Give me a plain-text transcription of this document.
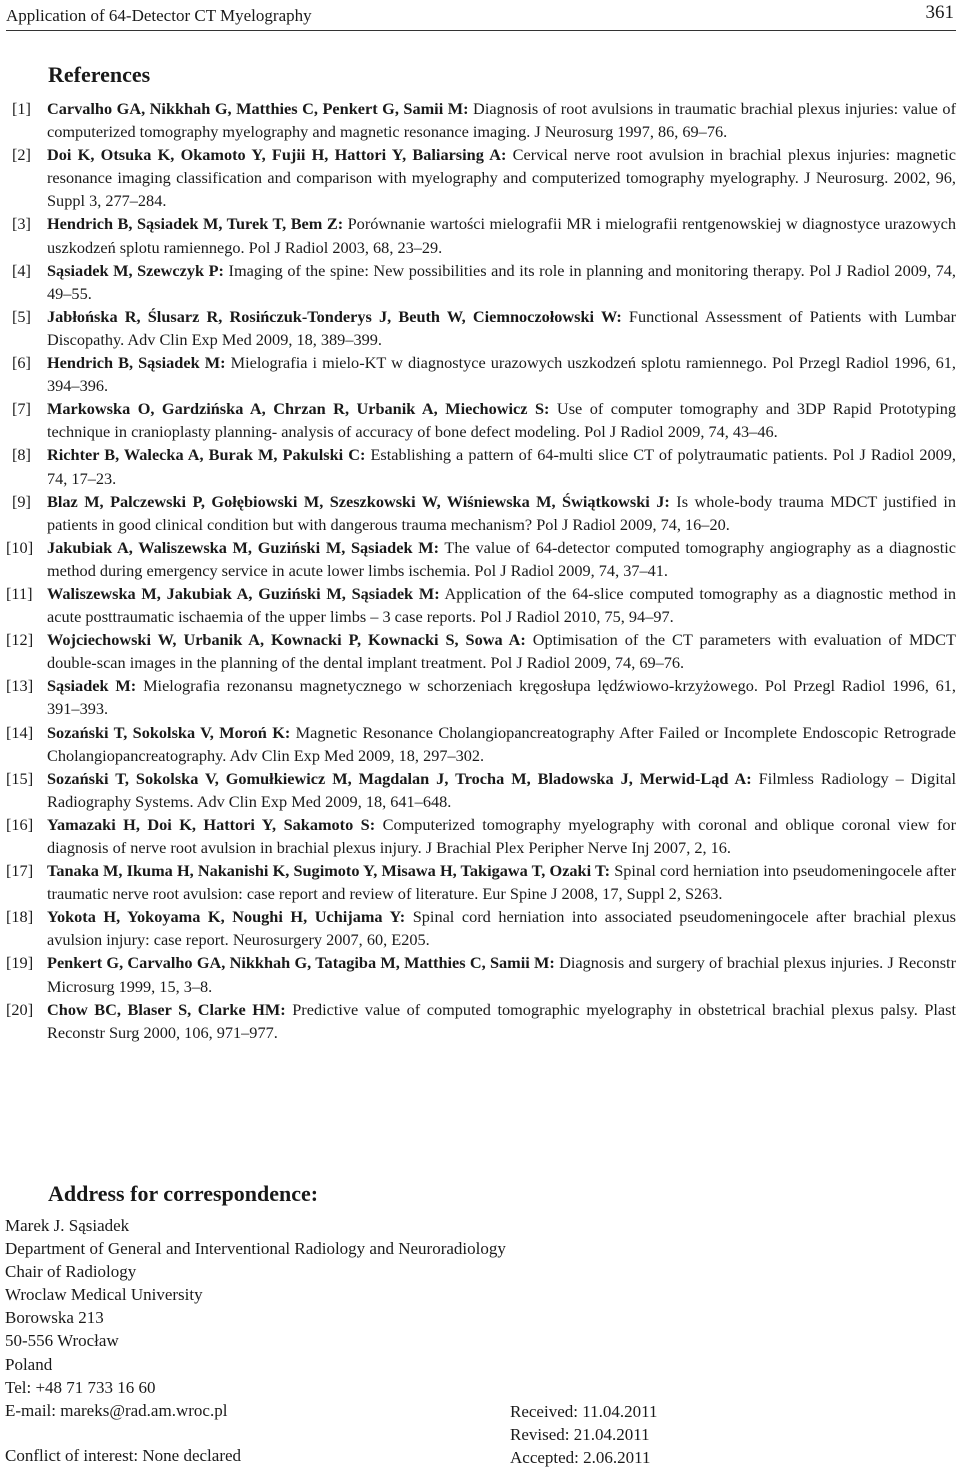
Application of 64-Detector CT Myelography	361
References
[1] Carvalho GA, Nikkhah G, Matthies C, Penkert G, Samii M: Diagnosis of root avulsions in traumatic brachial plexus injuries: value of computerized tomography myelography and magnetic resonance imaging. J Neurosurg 1997, 86, 69–76.
[2] Doi K, Otsuka K, Okamoto Y, Fujii H, Hattori Y, Baliarsing A: Cervical nerve root avulsion in brachial plexus injuries: magnetic resonance imaging classification and comparison with myelography and computerized tomography myelography. J Neurosurg. 2002, 96, Suppl 3, 277–284.
[3] Hendrich B, Sąsiadek M, Turek T, Bem Z: Porównanie wartości mielografii MR i mielografii rentgenowskiej w diagnostyce urazowych uszkodzeń splotu ramiennego. Pol J Radiol 2003, 68, 23–29.
[4] Sąsiadek M, Szewczyk P: Imaging of the spine: New possibilities and its role in planning and monitoring therapy. Pol J Radiol 2009, 74, 49–55.
[5] Jabłońska R, Ślusarz R, Rosińczuk-Tonderys J, Beuth W, Ciemnoczołowski W: Functional Assessment of Patients with Lumbar Discopathy. Adv Clin Exp Med 2009, 18, 389–399.
[6] Hendrich B, Sąsiadek M: Mielografia i mielo-KT w diagnostyce urazowych uszkodzeń splotu ramiennego. Pol Przegl Radiol 1996, 61, 394–396.
[7] Markowska O, Gardzińska A, Chrzan R, Urbanik A, Miechowicz S: Use of computer tomography and 3DP Rapid Prototyping technique in cranioplasty planning- analysis of accuracy of bone defect modeling. Pol J Radiol 2009, 74, 43–46.
[8] Richter B, Walecka A, Burak M, Pakulski C: Establishing a pattern of 64-multi slice CT of polytraumatic patients. Pol J Radiol 2009, 74, 17–23.
[9] Blaz M, Palczewski P, Gołębiowski M, Szeszkowski W, Wiśniewska M, Świątkowski J: Is whole-body trauma MDCT justified in patients in good clinical condition but with dangerous trauma mechanism? Pol J Radiol 2009, 74, 16–20.
[10] Jakubiak A, Waliszewska M, Guziński M, Sąsiadek M: The value of 64-detector computed tomography angiography as a diagnostic method during emergency service in acute lower limbs ischemia. Pol J Radiol 2009, 74, 37–41.
[11] Waliszewska M, Jakubiak A, Guziński M, Sąsiadek M: Application of the 64-slice computed tomography as a diagnostic method in acute posttraumatic ischaemia of the upper limbs – 3 case reports. Pol J Radiol 2010, 75, 94–97.
[12] Wojciechowski W, Urbanik A, Kownacki P, Kownacki S, Sowa A: Optimisation of the CT parameters with evaluation of MDCT double-scan images in the planning of the dental implant treatment. Pol J Radiol 2009, 74, 69–76.
[13] Sąsiadek M: Mielografia rezonansu magnetycznego w schorzeniach kręgosłupa lędźwiowo-krzyżowego. Pol Przegl Radiol 1996, 61, 391–393.
[14] Sozański T, Sokolska V, Moroń K: Magnetic Resonance Cholangiopancreatography After Failed or Incomplete Endoscopic Retrograde Cholangiopancreatography. Adv Clin Exp Med 2009, 18, 297–302.
[15] Sozański T, Sokolska V, Gomułkiewicz M, Magdalan J, Trocha M, Bladowska J, Merwid-Ląd A: Filmless Radiology – Digital Radiography Systems. Adv Clin Exp Med 2009, 18, 641–648.
[16] Yamazaki H, Doi K, Hattori Y, Sakamoto S: Computerized tomography myelography with coronal and oblique coronal view for diagnosis of nerve root avulsion in brachial plexus injury. J Brachial Plex Peripher Nerve Inj 2007, 2, 16.
[17] Tanaka M, Ikuma H, Nakanishi K, Sugimoto Y, Misawa H, Takigawa T, Ozaki T: Spinal cord herniation into pseudomeningocele after traumatic nerve root avulsion: case report and review of literature. Eur Spine J 2008, 17, Suppl 2, S263.
[18] Yokota H, Yokoyama K, Noughi H, Uchijama Y: Spinal cord herniation into associated pseudomeningocele after brachial plexus avulsion injury: case report. Neurosurgery 2007, 60, E205.
[19] Penkert G, Carvalho GA, Nikkhah G, Tatagiba M, Matthies C, Samii M: Diagnosis and surgery of brachial plexus injuries. J Reconstr Microsurg 1999, 15, 3–8.
[20] Chow BC, Blaser S, Clarke HM: Predictive value of computed tomographic myelography in obstetrical brachial plexus palsy. Plast Reconstr Surg 2000, 106, 971–977.
Address for correspondence:
Marek J. Sąsiadek
Department of General and Interventional Radiology and Neuroradiology
Chair of Radiology
Wroclaw Medical University
Borowska 213
50-556 Wrocław
Poland
Tel: +48 71 733 16 60
E-mail: mareks@rad.am.wroc.pl	Received: 11.04.2011
Revised: 21.04.2011
Accepted: 2.06.2011
Conflict of interest: None declared
